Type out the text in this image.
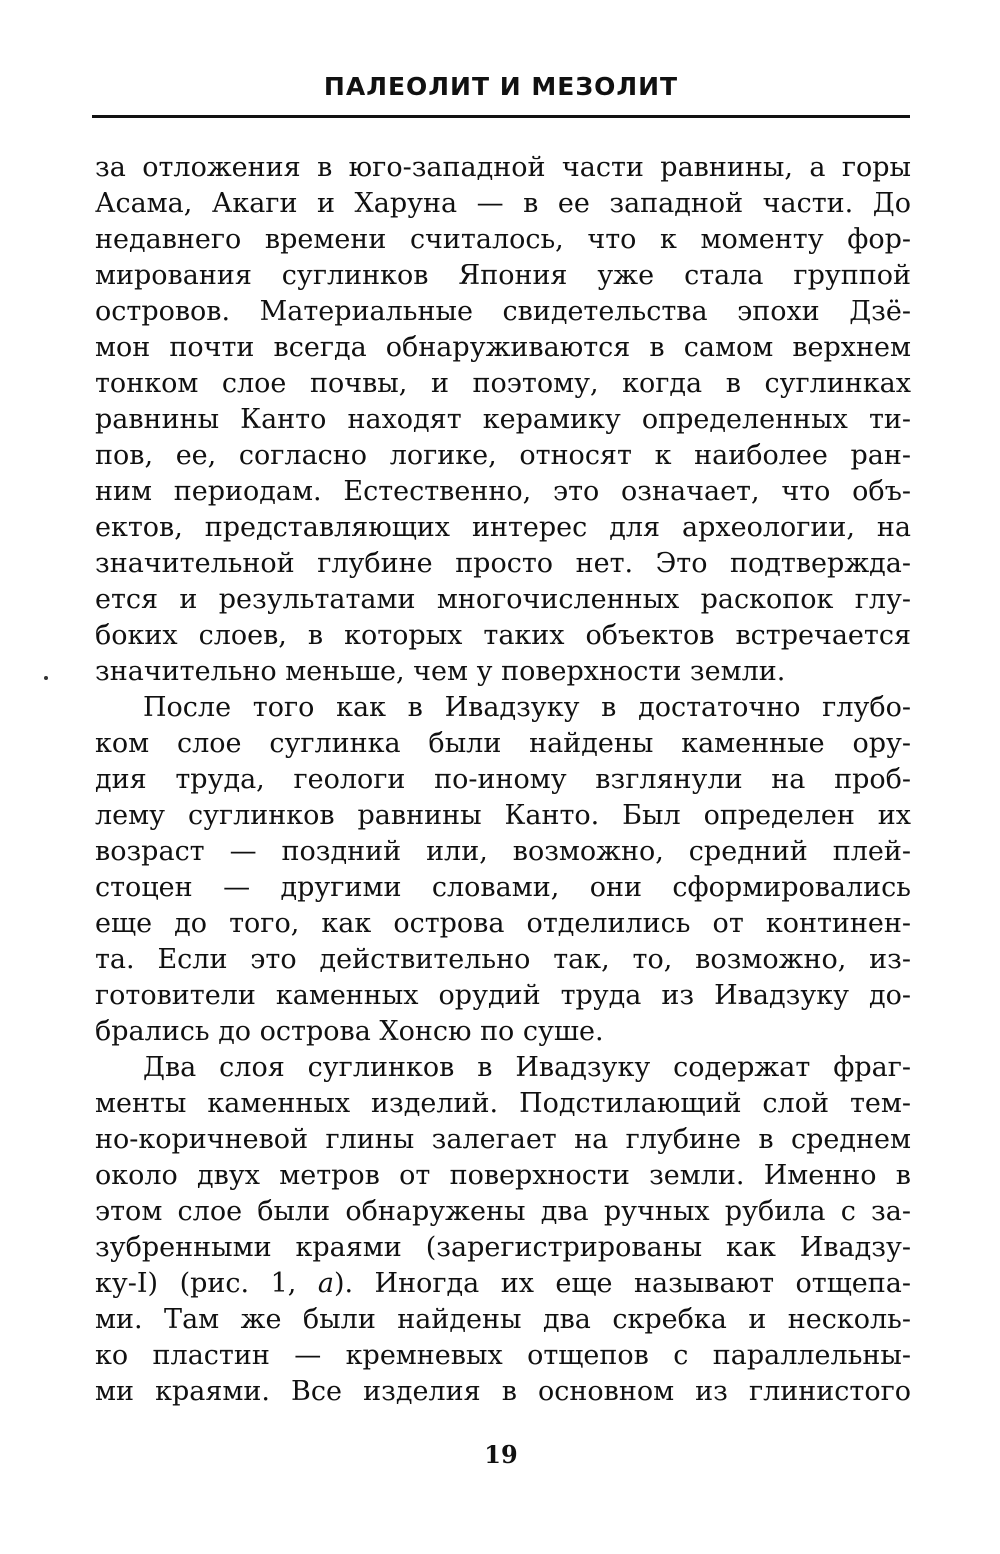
ПАЛЕОЛИТ И МЕЗОЛИТ

за отложения в юго-западной части равнины, а горы
Асама, Акаги и Харуна — в ее западной части. До
недавнего времени считалось, что к моменту фор-
мирования суглинков Япония уже стала группой
островов. Материальные свидетельства эпохи Дзё-
мон почти всегда обнаруживаются в самом верхнем
тонком слое почвы, и поэтому, когда в суглинках
равнины Канто находят керамику определенных ти-
пов, ее, согласно логике, относят к наиболее ран-
ним периодам. Естественно, это означает, что объ-
ектов, представляющих интерес для археологии, на
значительной глубине просто нет. Это подтвержда-
ется и результатами многочисленных раскопок глу-
боких слоев, в которых таких объектов встречается
значительно меньше, чем у поверхности земли.

После того как в Ивадзуку в достаточно глубо-
ком слое суглинка были найдены каменные ору-
дия труда, геологи по-иному взглянули на проб-
лему суглинков равнины Канто. Был определен их
возраст — поздний или, возможно, средний плей-
стоцен — другими словами, они сформировались
еще до того, как острова отделились от континен-
та. Если это действительно так, то, возможно, из-
готовители каменных орудий труда из Ивадзуку до-
брались до острова Хонсю по суше.

Два слоя суглинков в Ивадзуку содержат фраг-
менты каменных изделий. Подстилающий слой тем-
но-коричневой глины залегает на глубине в среднем
около двух метров от поверхности земли. Именно в
этом слое были обнаружены два ручных рубила с за-
зубренными краями (зарегистрированы как Ивадзу-
ку-I) (рис. 1, а). Иногда их еще называют отщепа-
ми. Там же были найдены два скребка и несколь-
ко пластин — кремневых отщепов с параллельны-
ми краями. Все изделия в основном из глинистого

19
